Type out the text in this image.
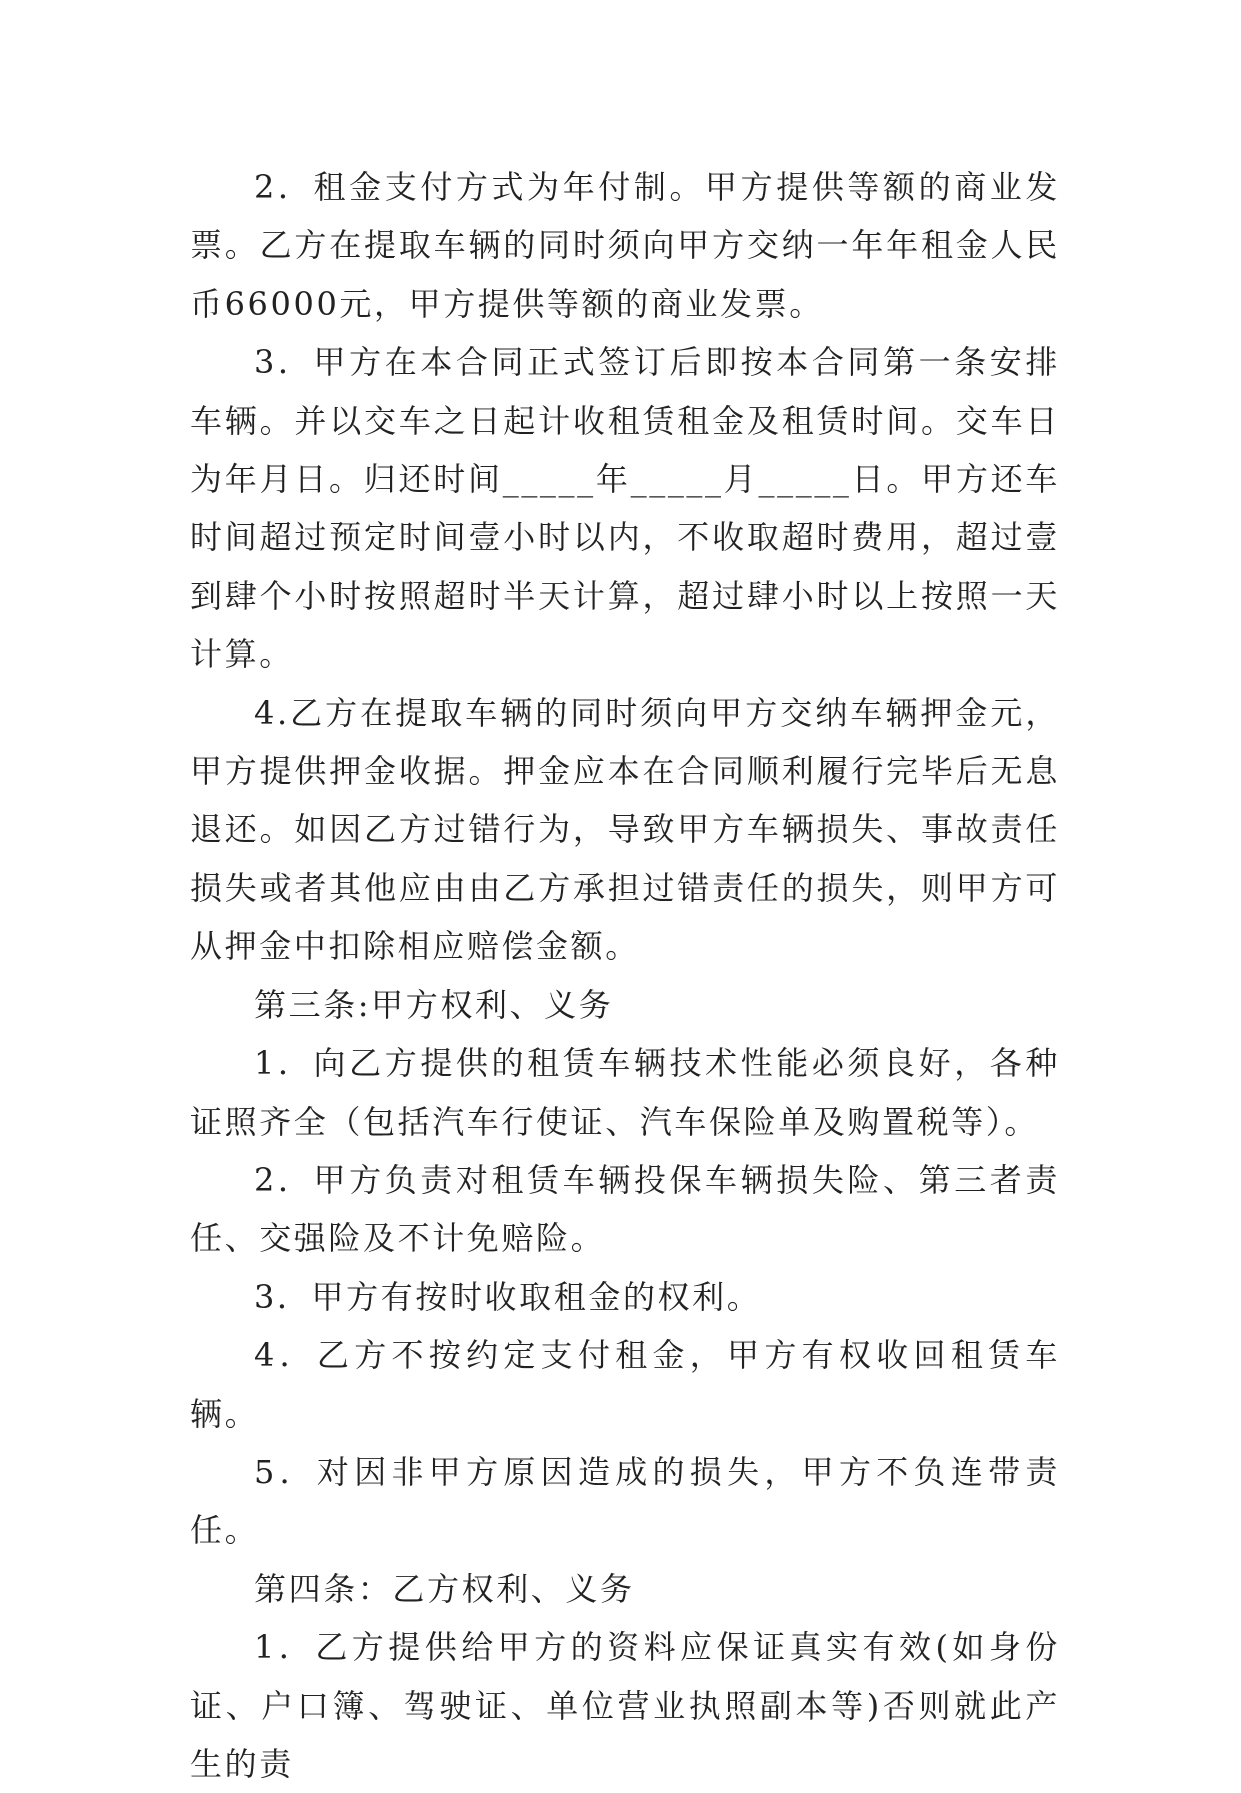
2．租金支付方式为年付制。甲方提供等额的商业发票。乙方在提取车辆的同时须向甲方交纳一年年租金人民币66000元，甲方提供等额的商业发票。

3．甲方在本合同正式签订后即按本合同第一条安排车辆。并以交车之日起计收租赁租金及租赁时间。交车日为年月日。归还时间_____年_____月_____日。甲方还车时间超过预定时间壹小时以内，不收取超时费用，超过壹到肆个小时按照超时半天计算，超过肆小时以上按照一天计算。

4.乙方在提取车辆的同时须向甲方交纳车辆押金元，甲方提供押金收据。押金应本在合同顺利履行完毕后无息退还。如因乙方过错行为，导致甲方车辆损失、事故责任损失或者其他应由由乙方承担过错责任的损失，则甲方可从押金中扣除相应赔偿金额。

第三条:甲方权利、义务

1．向乙方提供的租赁车辆技术性能必须良好，各种证照齐全（包括汽车行使证、汽车保险单及购置税等）。

2．甲方负责对租赁车辆投保车辆损失险、第三者责任、交强险及不计免赔险。

3．甲方有按时收取租金的权利。

4．乙方不按约定支付租金，甲方有权收回租赁车辆。

5．对因非甲方原因造成的损失，甲方不负连带责任。

第四条：乙方权利、义务

1．乙方提供给甲方的资料应保证真实有效(如身份证、户口簿、驾驶证、单位营业执照副本等)否则就此产生的责
